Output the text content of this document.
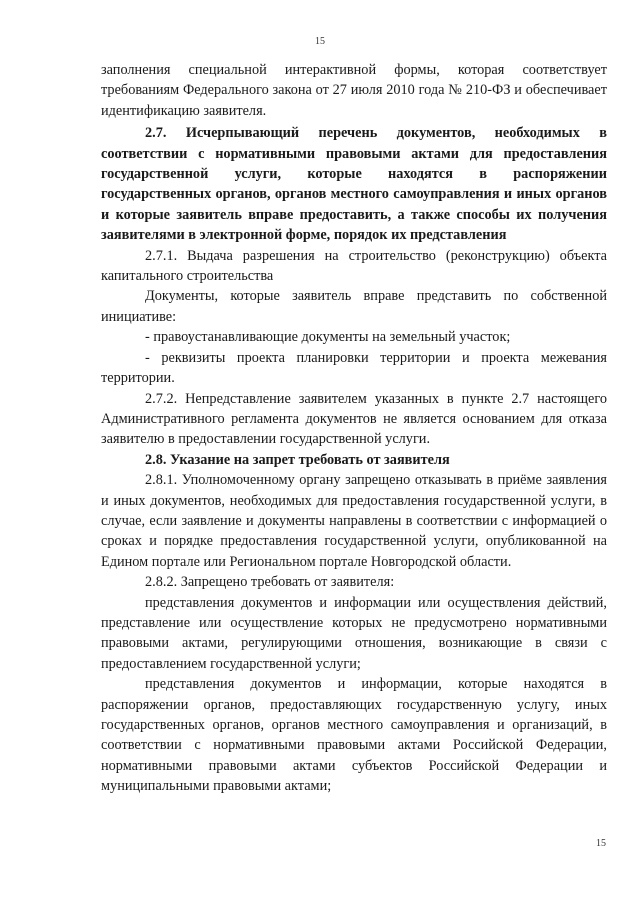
15

заполнения специальной интерактивной формы, которая соответствует требованиям Федерального закона от 27 июля 2010 года № 210-ФЗ и обеспечивает идентификацию заявителя.

2.7. Исчерпывающий перечень документов, необходимых в соответствии с нормативными правовыми актами для предоставления государственной услуги, которые находятся в распоряжении государственных органов, органов местного самоуправления и иных органов и которые заявитель вправе предоставить, а также способы их получения заявителями в электронной форме, порядок их представления

2.7.1. Выдача разрешения на строительство (реконструкцию) объекта капитального строительства

Документы, которые заявитель вправе представить по собственной инициативе:

- правоустанавливающие документы на земельный участок;

- реквизиты проекта планировки территории и проекта межевания территории.

2.7.2. Непредставление заявителем указанных в пункте 2.7 настоящего Административного регламента документов не является основанием для отказа заявителю в предоставлении государственной услуги.

2.8. Указание на запрет требовать от заявителя

2.8.1. Уполномоченному органу запрещено отказывать в приёме заявления и иных документов, необходимых для предоставления государственной услуги, в случае, если заявление и документы направлены в соответствии с информацией о сроках и порядке предоставления государственной услуги, опубликованной на Едином портале или Региональном портале Новгородской области.

2.8.2. Запрещено требовать от заявителя:

представления документов и информации или осуществления действий, представление или осуществление которых не предусмотрено нормативными правовыми актами, регулирующими отношения, возникающие в связи с предоставлением государственной услуги;

представления документов и информации, которые находятся в распоряжении органов, предоставляющих государственную услугу, иных государственных органов, органов местного самоуправления и организаций, в соответствии с нормативными правовыми актами Российской Федерации, нормативными правовыми актами субъектов Российской Федерации и муниципальными правовыми актами;

15
